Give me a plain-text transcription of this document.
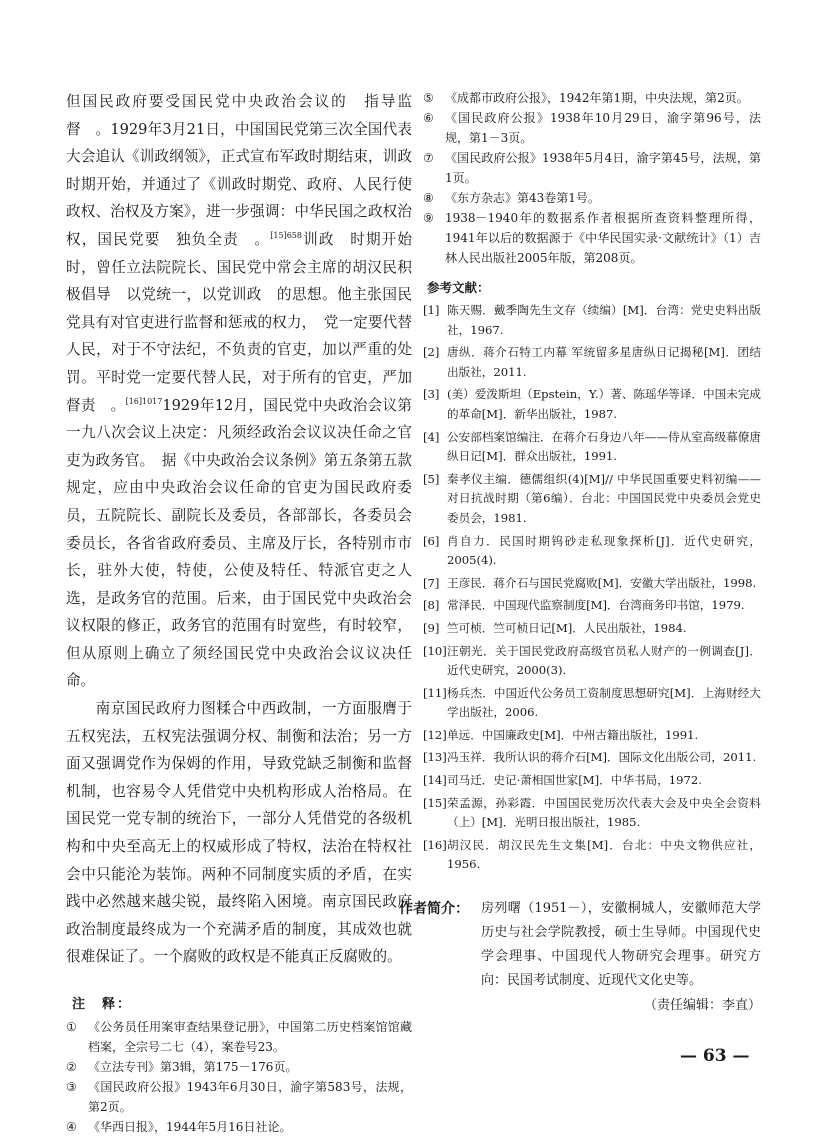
但国民政府要受国民党中央政治会议的　指导监督　。1929年3月21日，中国国民党第三次全国代表大会追认《训政纲领》，正式宣布军政时期结束，训政时期开始，并通过了《训政时期党、政府、人民行使政权、治权及方案》，进一步强调：中华民国之政权治权，国民党要　独负全责　。$^{[15]658}$训政　时期开始时，曾任立法院院长、国民党中常会主席的胡汉民积极倡导　以党统一，以党训政　的思想。他主张国民党具有对官吏进行监督和惩戒的权力，　党一定要代替人民，对于不守法纪，不负责的官吏，加以严重的处罚。平时党一定要代替人民，对于所有的官吏，严加督责　。$^{[16]1017}$1929年12月，国民党中央政治会议第一九八次会议上决定：凡须经政治会议议决任命之官吏为政务官。　据《中央政治会议条例》第五条第五款规定，应由中央政治会议任命的官吏为国民政府委员，五院院长、副院长及委员，各部部长，各委员会委员长，各省省政府委员、主席及厅长，各特别市市长，驻外大使，特使，公使及特任、特派官吏之人选，是政务官的范围。后来，由于国民党中央政治会议权限的修正，政务官的范围有时宽些，有时较窄，但从原则上确立了须经国民党中央政治会议议决任命。

南京国民政府力图糅合中西政制，一方面服膺于五权宪法，五权宪法强调分权、制衡和法治；另一方面又强调党作为保姆的作用，导致党缺乏制衡和监督机制，也容易令人凭借党中央机构形成人治格局。在国民党一党专制的统治下，一部分人凭借党的各级机构和中央至高无上的权威形成了特权，法治在特权社会中只能沦为装饰。两种不同制度实质的矛盾，在实践中必然越来越尖锐，最终陷入困境。南京国民政府政治制度最终成为一个充满矛盾的制度，其成效也就很难保证了。一个腐败的政权是不能真正反腐败的。

注　释：

① 《公务员任用案审查结果登记册》，中国第二历史档案馆馆藏档案，全宗号二七（4），案卷号23。

② 《立法专刊》第3辑，第175－176页。

③ 《国民政府公报》1943年6月30日，渝字第583号，法规，第2页。

④ 《华西日报》，1944年5月16日社论。

⑤ 《成都市政府公报》，1942年第1期，中央法规，第2页。

⑥ 《国民政府公报》1938年10月29日，渝字第96号，法规，第1－3页。

⑦ 《国民政府公报》1938年5月4日，渝字第45号，法规，第1页。

⑧ 《东方杂志》第43卷第1号。

⑨ 1938－1940年的数据系作者根据所查资料整理所得，1941年以后的数据源于《中华民国实录·文献统计》（1）吉林人民出版社2005年版，第208页。

参考文献：

[1] 陈天赐．戴季陶先生文存（续编）[M]．台湾：党史史料出版社，1967.

[2] 唐纵．蒋介石特工内幕 军统留多星唐纵日记揭秘[M]．团结出版社，2011.

[3] (美）爱泼斯坦（Epstein，Y.）著、陈瑶华等译．中国未完成的革命[M]．新华出版社，1987.

[4] 公安部档案馆编注．在蒋介石身边八年——侍从室高级幕僚唐纵日记[M]．群众出版社，1991.

[5] 秦孝仪主编．德儒组织(4)[M]// 中华民国重要史料初编——对日抗战时期（第6编）．台北：中国国民党中央委员会党史委员会，1981.

[6] 肖自力．民国时期钨砂走私现象探析[J]．近代史研究，2005(4).

[7] 王彦民．蒋介石与国民党腐败[M]．安徽大学出版社，1998.

[8] 常泽民．中国现代监察制度[M]．台湾商务印书馆，1979.

[9] 竺可桢．竺可桢日记[M]．人民出版社，1984.

[10] 汪朝光．关于国民党政府高级官员私人财产的一例调查[J]．近代史研究，2000(3).

[11] 杨兵杰．中国近代公务员工资制度思想研究[M]．上海财经大学出版社，2006.

[12] 单远．中国廉政史[M]．中州古籍出版社，1991.

[13] 冯玉祥．我所认识的蒋介石[M]．国际文化出版公司，2011.

[14] 司马迁．史记·萧相国世家[M]．中华书局，1972.

[15] 荣孟源，孙彩霞．中国国民党历次代表大会及中央全会资料（上）[M]．光明日报出版社，1985.

[16] 胡汉民．胡汉民先生文集[M]．台北：中央文物供应社，1956.

作者简介： 房列曙（1951－），安徽桐城人，安徽师范大学历史与社会学院教授，硕士生导师。中国现代史学会理事、中国现代人物研究会理事。研究方向：民国考试制度、近现代文化史等。
（责任编辑：李直）
— 63 —
